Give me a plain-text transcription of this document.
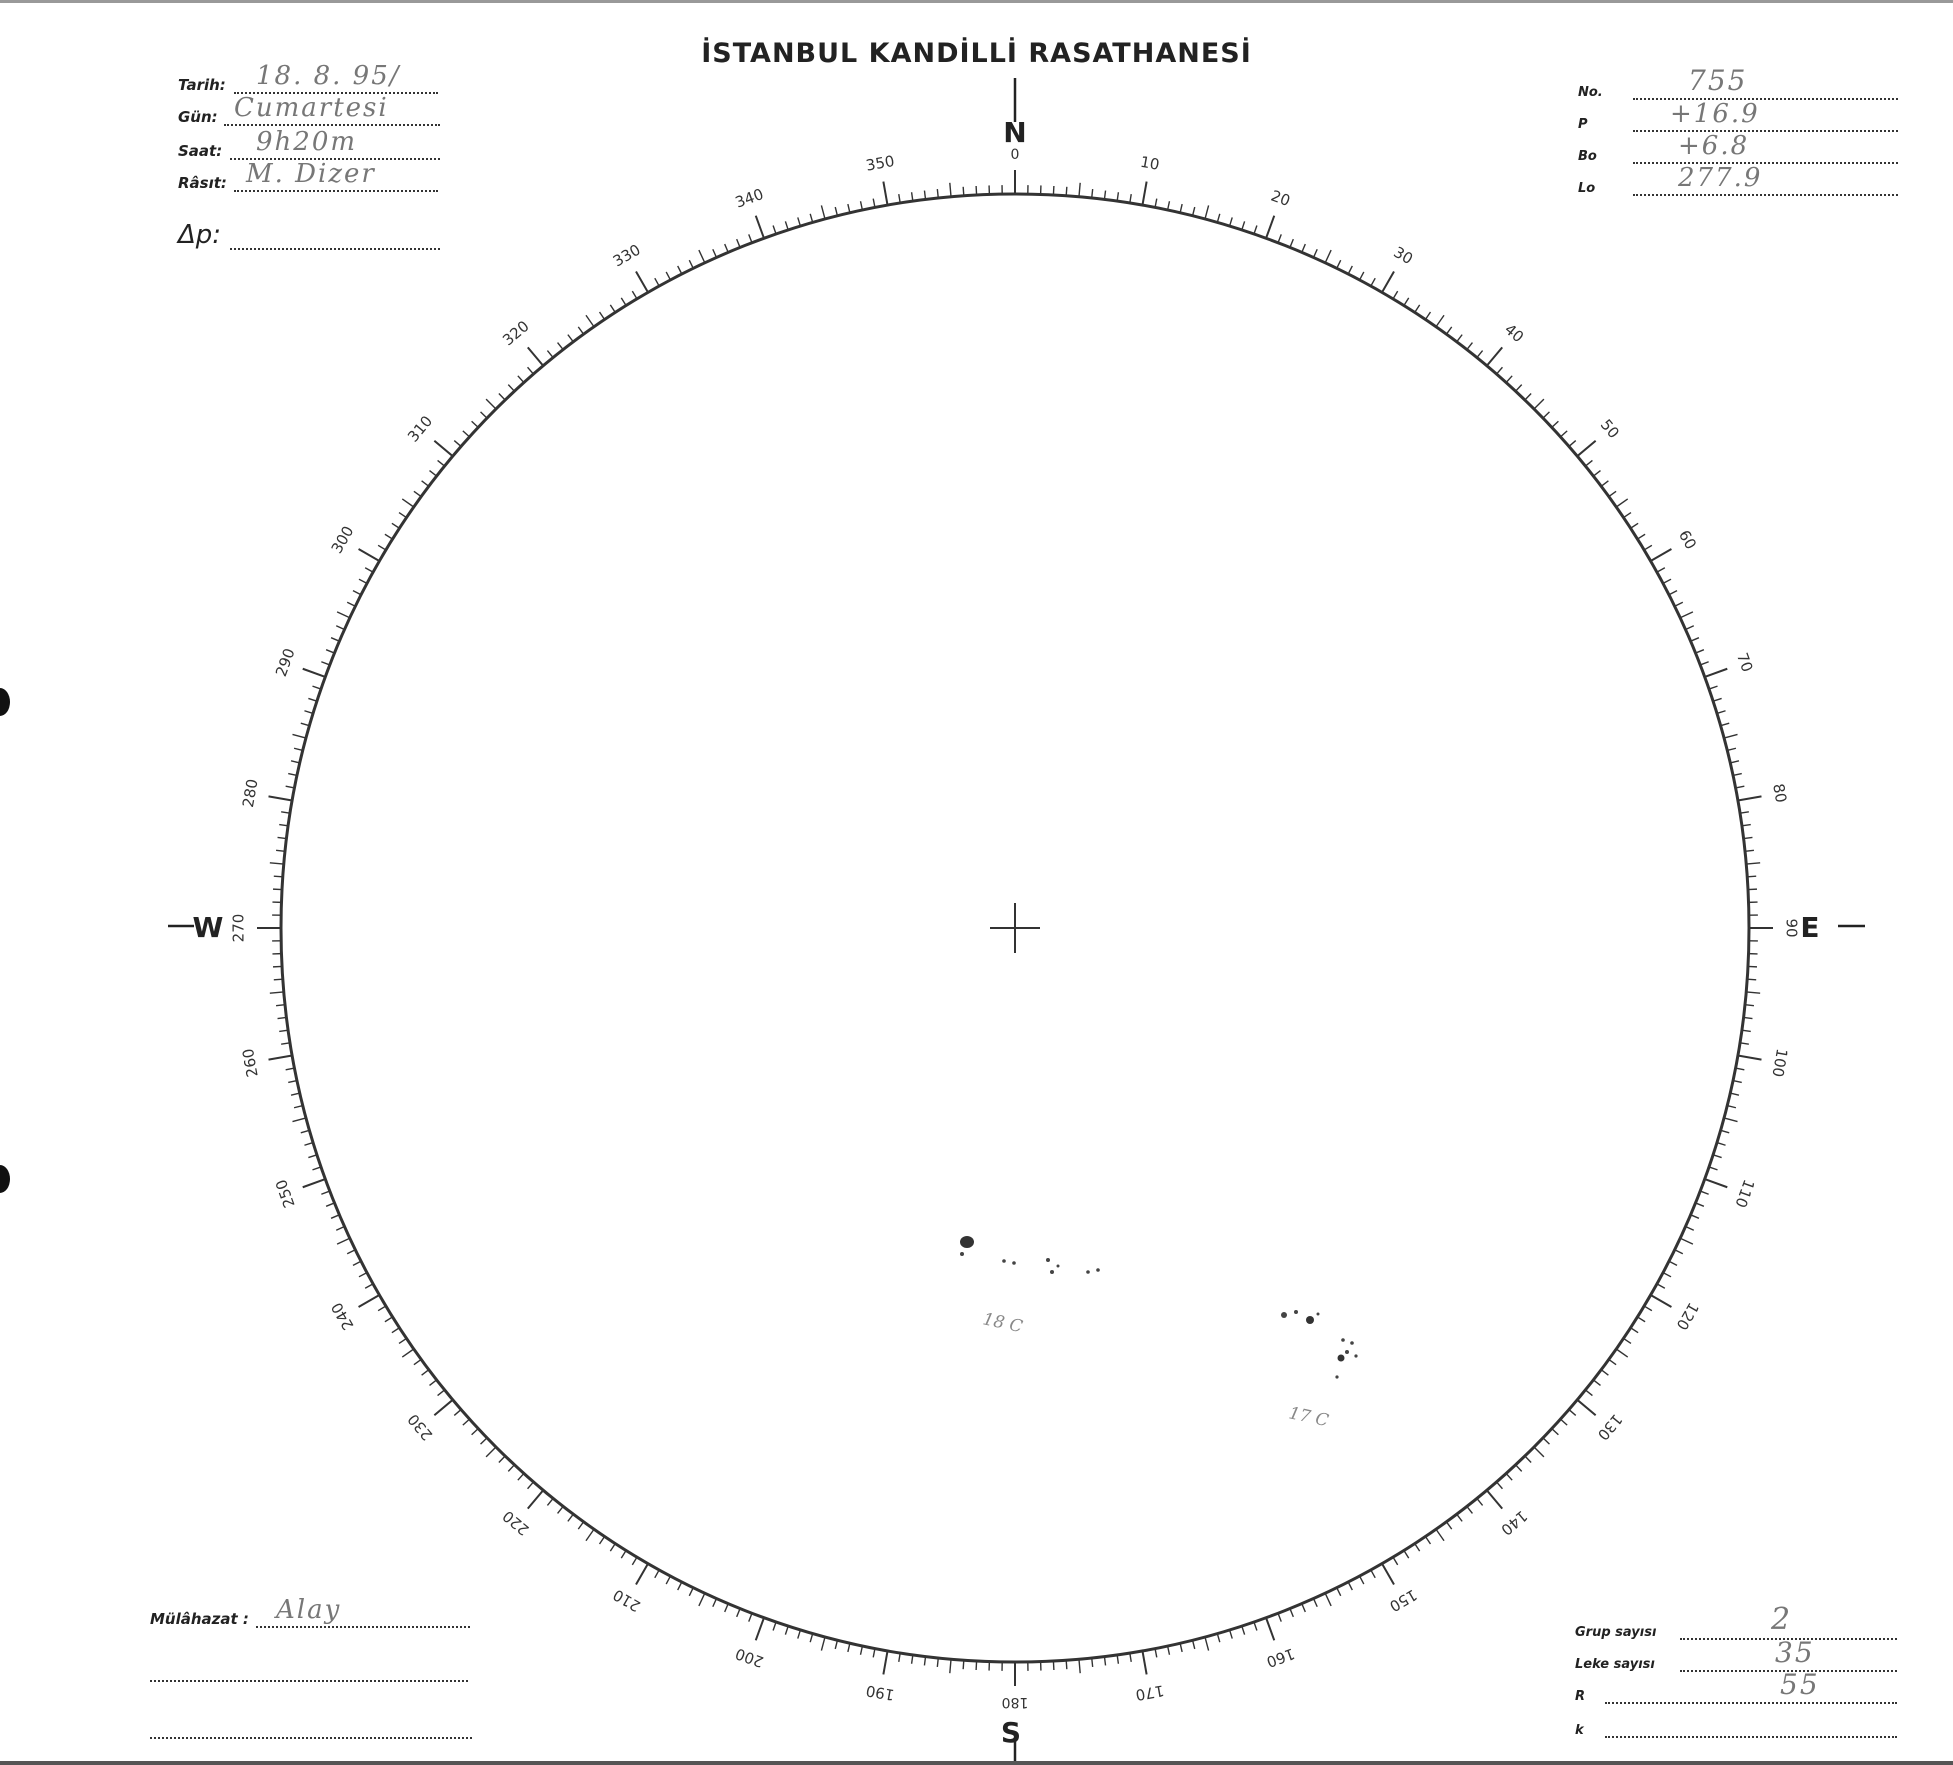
İSTANBUL KANDİLLİ RASATHANESİ
Tarih: 18. 8. 95/
Gün: Cumartesi
Saat: 9h20m
Râsıt: M. Dizer
Δp:
No.	755
P	+16.9
Bo	+6.8
Lo	277.9
Mülâhazat : Alay
Grup sayısı	2
Leke sayısı	35
R	55
k
10
20
30
40
50
60
70
80
90
100
110
120
130
140
150
160
170
180
190
200
210
220
230
240
250
260
270
280
290
300
310
320
330
340
350	0
N
S
E
W
18 C
17 C
